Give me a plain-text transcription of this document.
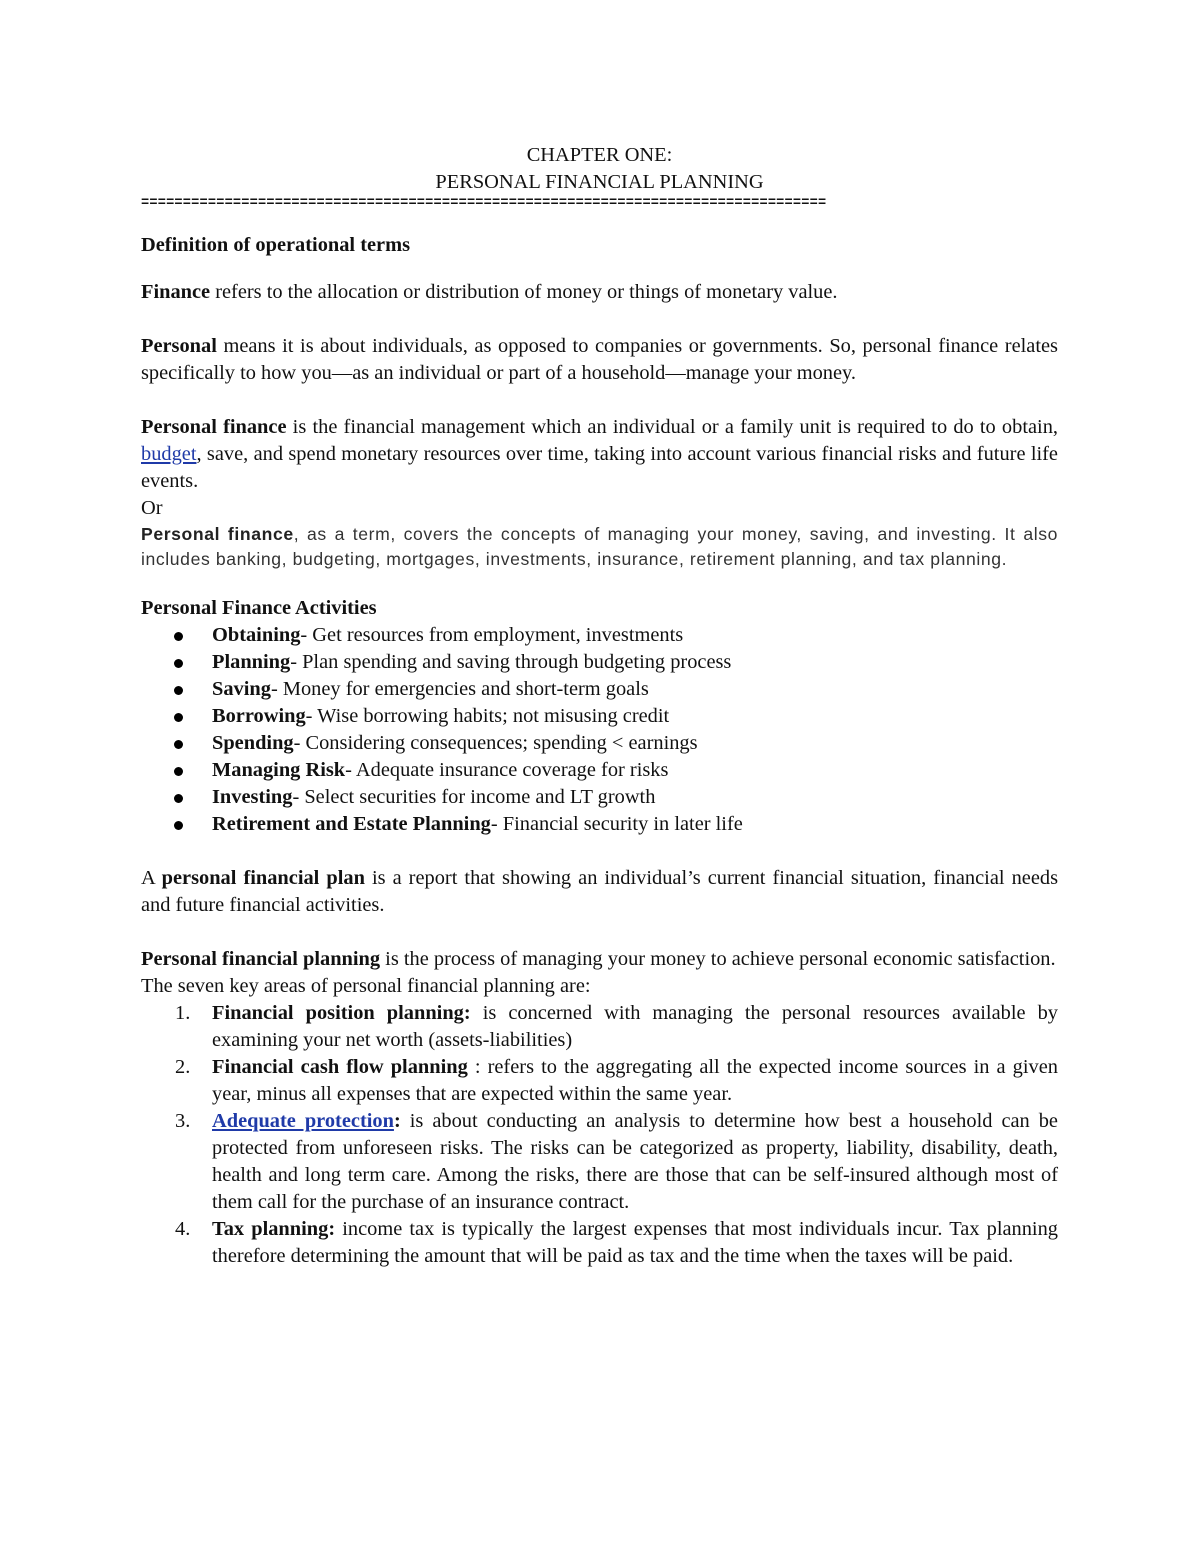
CHAPTER ONE:
PERSONAL FINANCIAL PLANNING
==================================================================================

Definition of operational terms

Finance refers to the allocation or distribution of money or things of monetary value.

Personal means it is about individuals, as opposed to companies or governments. So, personal finance relates specifically to how you—as an individual or part of a household—manage your money.

Personal finance is the financial management which an individual or a family unit is required to do to obtain, budget, save, and spend monetary resources over time, taking into account various financial risks and future life events.

Or

Personal finance, as a term, covers the concepts of managing your money, saving, and investing. It also includes banking, budgeting, mortgages, investments, insurance, retirement planning, and tax planning.

Personal Finance Activities

Obtaining- Get resources from employment, investments
Planning- Plan spending and saving through budgeting process
Saving- Money for emergencies and short-term goals
Borrowing- Wise borrowing habits; not misusing credit
Spending- Considering consequences; spending < earnings
Managing Risk- Adequate insurance coverage for risks
Investing- Select securities for income and LT growth
Retirement and Estate Planning- Financial security in later life

A personal financial plan is a report that showing an individual’s current financial situation, financial needs and future financial activities.

Personal financial planning is the process of managing your money to achieve personal economic satisfaction.

The seven key areas of personal financial planning are:

1. Financial position planning: is concerned with managing the personal resources available by examining your net worth (assets-liabilities)
2. Financial cash flow planning : refers to the aggregating all the expected income sources in a given year, minus all expenses that are expected within the same year.
3. Adequate protection: is about conducting an analysis to determine how best a household can be protected from unforeseen risks. The risks can be categorized as property, liability, disability, death, health and long term care. Among the risks, there are those that can be self-insured although most of them call for the purchase of an insurance contract.
4. Tax planning: income tax is typically the largest expenses that most individuals incur. Tax planning therefore determining the amount that will be paid as tax and the time when the taxes will be paid.
